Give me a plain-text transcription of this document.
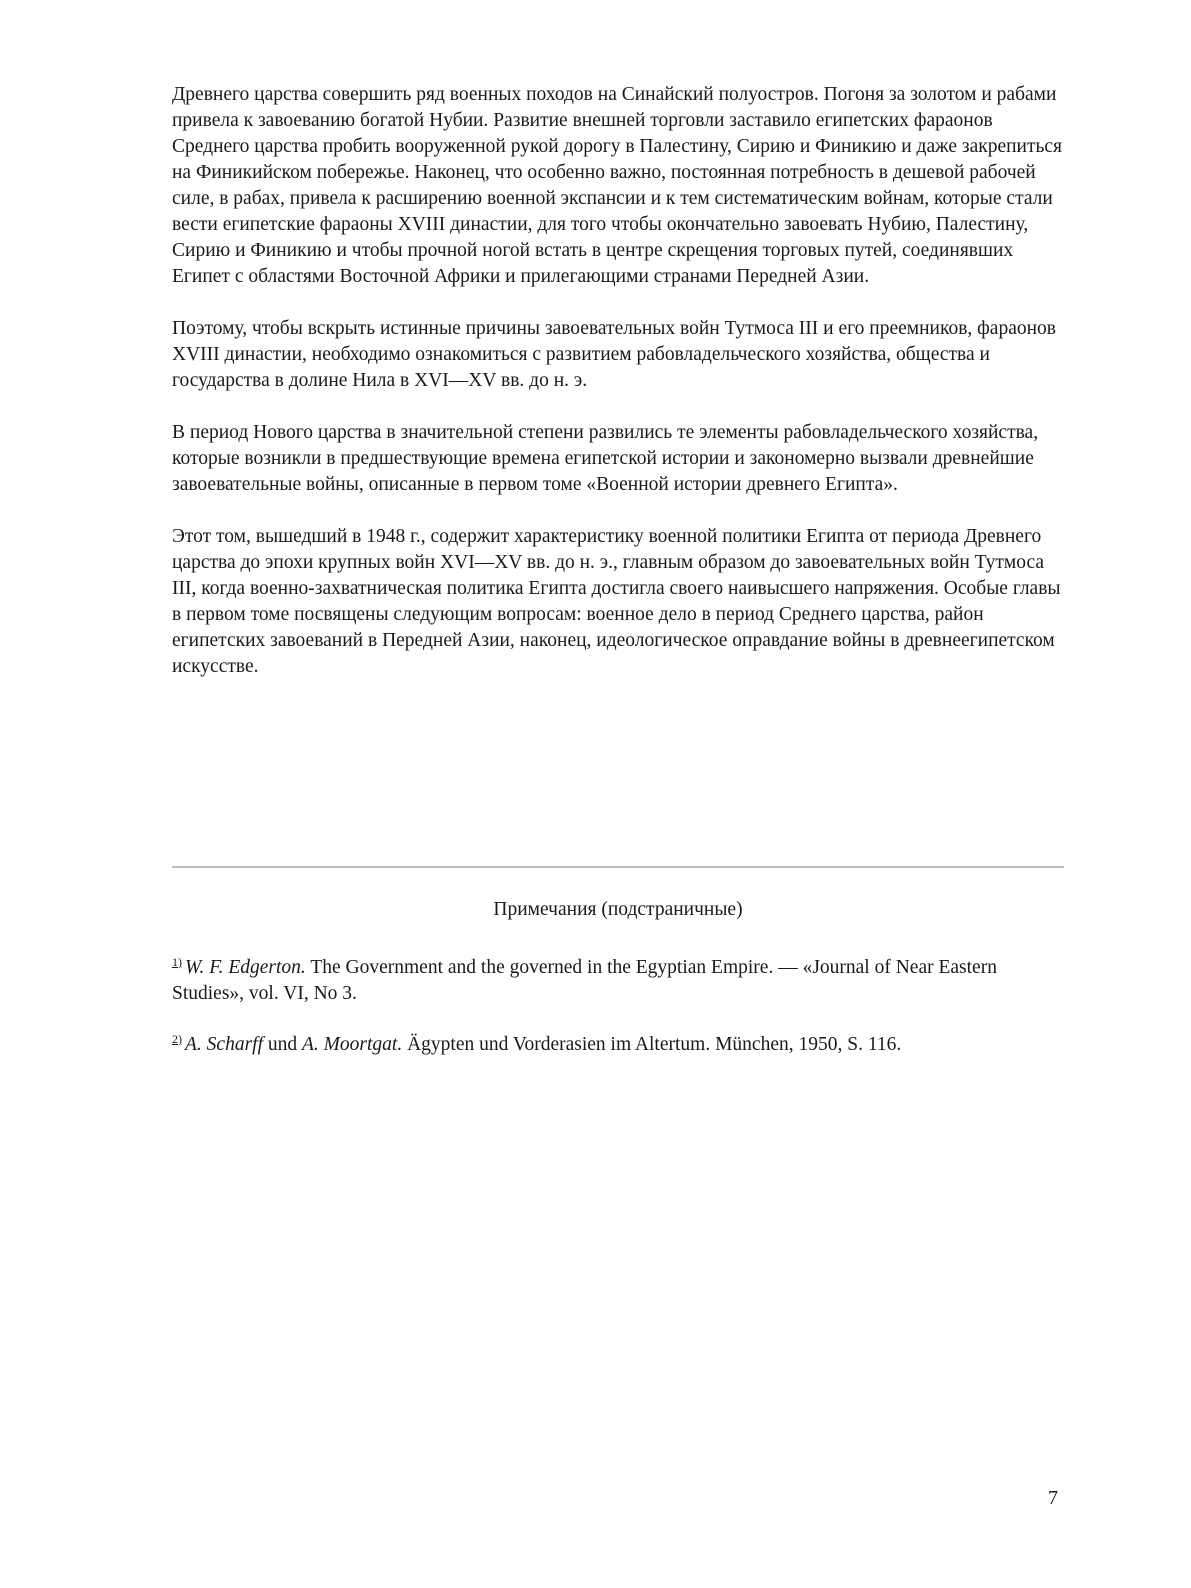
Древнего царства совершить ряд военных походов на Синайский полуостров. Погоня за золотом и рабами привела к завоеванию богатой Нубии. Развитие внешней торговли заставило египетских фараонов Среднего царства пробить вооруженной рукой дорогу в Палестину, Сирию и Финикию и даже закрепиться на Финикийском побережье. Наконец, что особенно важно, постоянная потребность в дешевой рабочей силе, в рабах, привела к расширению военной экспансии и к тем систематическим войнам, которые стали вести египетские фараоны XVIII династии, для того чтобы окончательно завоевать Нубию, Палестину, Сирию и Финикию и чтобы прочной ногой встать в центре скрещения торговых путей, соединявших Египет с областями Восточной Африки и прилегающими странами Передней Азии.

Поэтому, чтобы вскрыть истинные причины завоевательных войн Тутмоса III и его преемников, фараонов XVIII династии, необходимо ознакомиться с развитием рабовладельческого хозяйства, общества и государства в долине Нила в XVI—XV вв. до н. э.

В период Нового царства в значительной степени развились те элементы рабовладельческого хозяйства, которые возникли в предшествующие времена египетской истории и закономерно вызвали древнейшие завоевательные войны, описанные в первом томе «Военной истории древнего Египта».

Этот том, вышедший в 1948 г., содержит характеристику военной политики Египта от периода Древнего царства до эпохи крупных войн XVI—XV вв. до н. э., главным образом до завоевательных войн Тутмоса III, когда военно-захватническая политика Египта достигла своего наивысшего напряжения. Особые главы в первом томе посвящены следующим вопросам: военное дело в период Среднего царства, район египетских завоеваний в Передней Азии, наконец, идеологическое оправдание войны в древнеегипетском искусстве.

Примечания (подстраничные)
$^{1)}$ W. F. Edgerton. The Government and the governed in the Egyptian Empire. — «Journal of Near Eastern Studies», vol. VI, No 3.
$^{2)}$ A. Scharff und A. Moortgat. Ägypten und Vorderasien im Altertum. München, 1950, S. 116.
7
